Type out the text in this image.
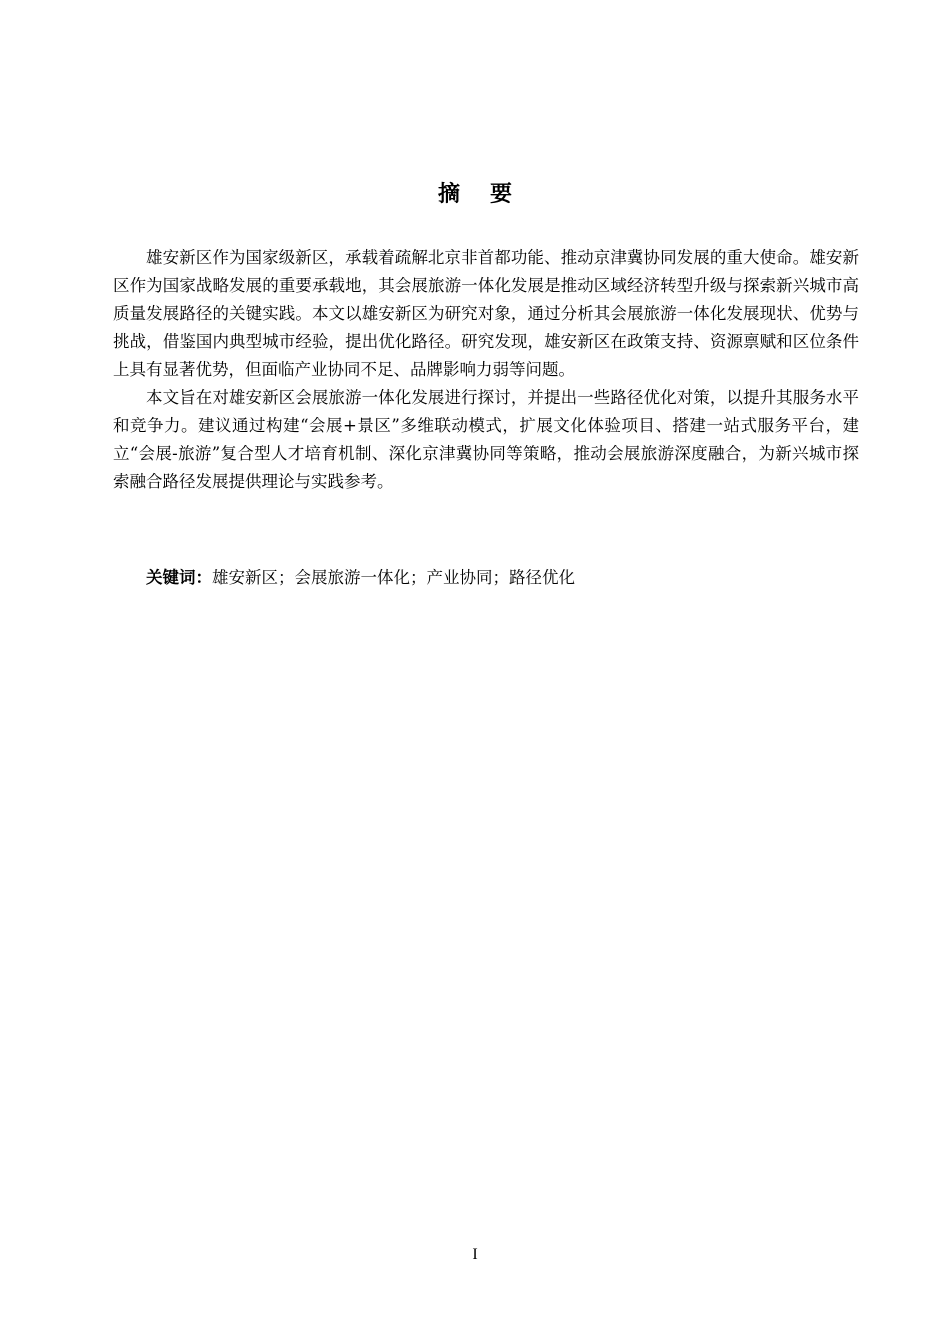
摘要

雄安新区作为国家级新区，承载着疏解北京非首都功能、推动京津冀协同发展的重大使命。雄安新区作为国家战略发展的重要承载地，其会展旅游一体化发展是推动区域经济转型升级与探索新兴城市高质量发展路径的关键实践。本文以雄安新区为研究对象，通过分析其会展旅游一体化发展现状、优势与挑战，借鉴国内典型城市经验，提出优化路径。研究发现，雄安新区在政策支持、资源禀赋和区位条件上具有显著优势，但面临产业协同不足、品牌影响力弱等问题。

本文旨在对雄安新区会展旅游一体化发展进行探讨，并提出一些路径优化对策，以提升其服务水平和竞争力。建议通过构建“会展+景区”多维联动模式，扩展文化体验项目、搭建一站式服务平台，建立“会展-旅游”复合型人才培育机制、深化京津冀协同等策略，推动会展旅游深度融合，为新兴城市探索融合路径发展提供理论与实践参考。

关键词：雄安新区；会展旅游一体化；产业协同；路径优化
I
